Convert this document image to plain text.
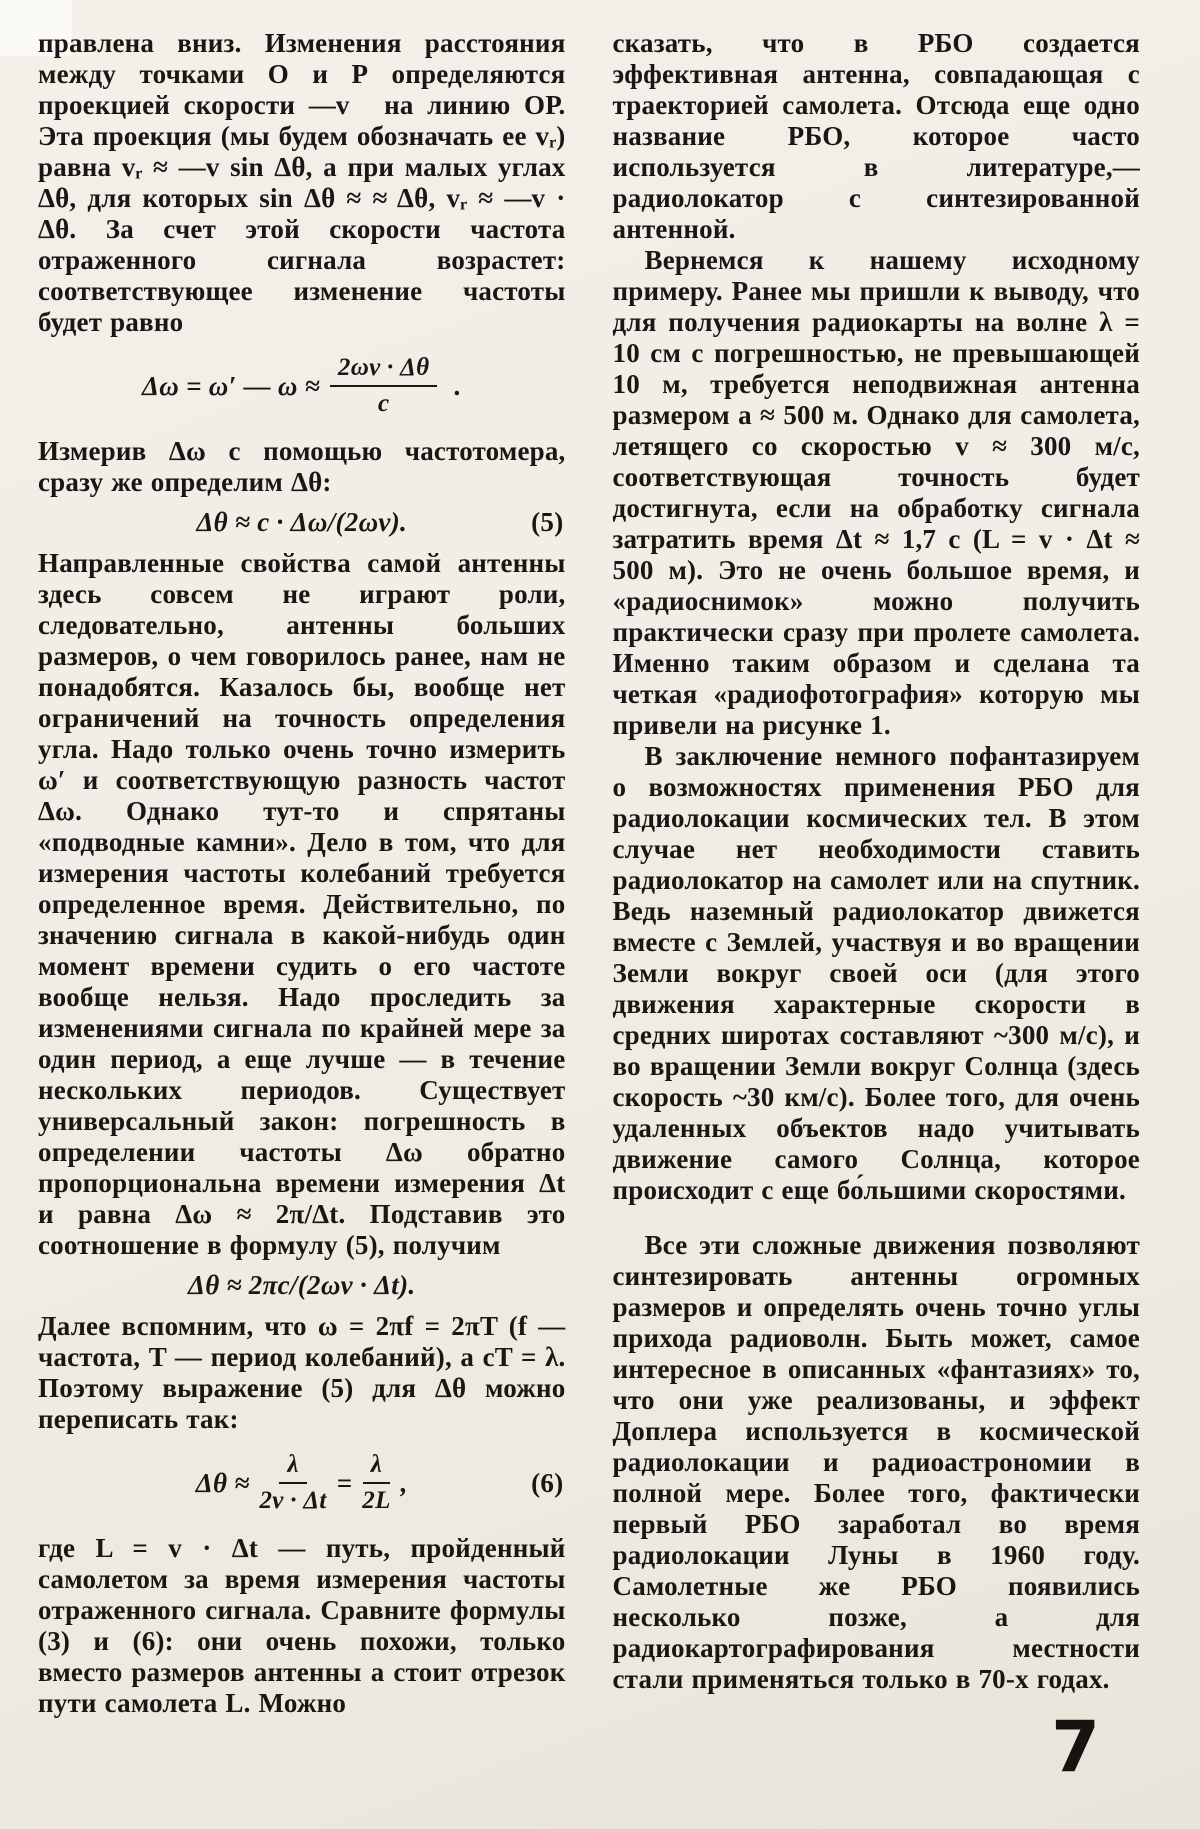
правлена вниз. Изменения расстояния между точками О и Р определяются проекцией скорости —v⃗ на линию ОР. Эта проекция (мы будем обозначать ее vᵣ) равна vᵣ ≈ —v sin Δθ, а при малых углах Δθ, для которых sin Δθ ≈ ≈ Δθ, vᵣ ≈ —v · Δθ. За счет этой скорости частота отраженного сигнала возрастет: соответствующее изменение частоты будет равно

Δω = ω′ — $\omega \approx \frac{2\omega v \cdot \Delta\theta}{c}$ .

Измерив Δω с помощью частотомера, сразу же определим Δθ:

Δθ ≈ c · Δω/(2ωv).	(5)

Направленные свойства самой антенны здесь совсем не играют роли, следовательно, антенны больших размеров, о чем говорилось ранее, нам не понадобятся. Казалось бы, вообще нет ограничений на точность определения угла. Надо только очень точно измерить ω′ и соответствующую разность частот Δω. Однако тут-то и спрятаны «подводные камни». Дело в том, что для измерения частоты колебаний требуется определенное время. Действительно, по значению сигнала в какой-нибудь один момент времени судить о его частоте вообще нельзя. Надо проследить за изменениями сигнала по крайней мере за один период, а еще лучше — в течение нескольких периодов. Существует универсальный закон: погрешность в определении частоты Δω обратно пропорциональна времени измерения Δt и равна Δω ≈ 2π/Δt. Подставив это соотношение в формулу (5), получим

Δθ ≈ 2πc/(2ωv · Δt).

Далее вспомним, что ω = 2πf = 2πT (f — частота, T — период колебаний), а cT = λ. Поэтому выражение (5) для Δθ можно переписать так:

$\Delta\theta \approx \frac{\lambda}{2v \cdot \Delta t} = \frac{\lambda}{2L}$ ,	(6)

где L = v · Δt — путь, пройденный самолетом за время измерения частоты отраженного сигнала. Сравните формулы (3) и (6): они очень похожи, только вместо размеров антенны a стоит отрезок пути самолета L. Можно

сказать, что в РБО создается эффективная антенна, совпадающая с траекторией самолета. Отсюда еще одно название РБО, которое часто используется в литературе,— радиолокатор с синтезированной антенной.

Вернемся к нашему исходному примеру. Ранее мы пришли к выводу, что для получения радиокарты на волне λ = 10 см с погрешностью, не превышающей 10 м, требуется неподвижная антенна размером a ≈ 500 м. Однако для самолета, летящего со скоростью v ≈ 300 м/с, соответствующая точность будет достигнута, если на обработку сигнала затратить время Δt ≈ 1,7 с (L = v · Δt ≈ 500 м). Это не очень большое время, и «радиоснимок» можно получить практически сразу при пролете самолета. Именно таким образом и сделана та четкая «радиофотография» которую мы привели на рисунке 1.

В заключение немного пофантазируем о возможностях применения РБО для радиолокации космических тел. В этом случае нет необходимости ставить радиолокатор на самолет или на спутник. Ведь наземный радиолокатор движется вместе с Землей, участвуя и во вращении Земли вокруг своей оси (для этого движения характерные скорости в средних широтах составляют ~300 м/с), и во вращении Земли вокруг Солнца (здесь скорость ~30 км/с). Более того, для очень удаленных объектов надо учитывать движение самого Солнца, которое происходит с еще бо́льшими скоростями.

Все эти сложные движения позволяют синтезировать антенны огромных размеров и определять очень точно углы прихода радиоволн. Быть может, самое интересное в описанных «фантазиях» то, что они уже реализованы, и эффект Доплера используется в космической радиолокации и радиоастрономии в полной мере. Более того, фактически первый РБО заработал во время радиолокации Луны в 1960 году. Самолетные же РБО появились несколько позже, а для радиокартографирования местности стали применяться только в 70-х годах.

7
